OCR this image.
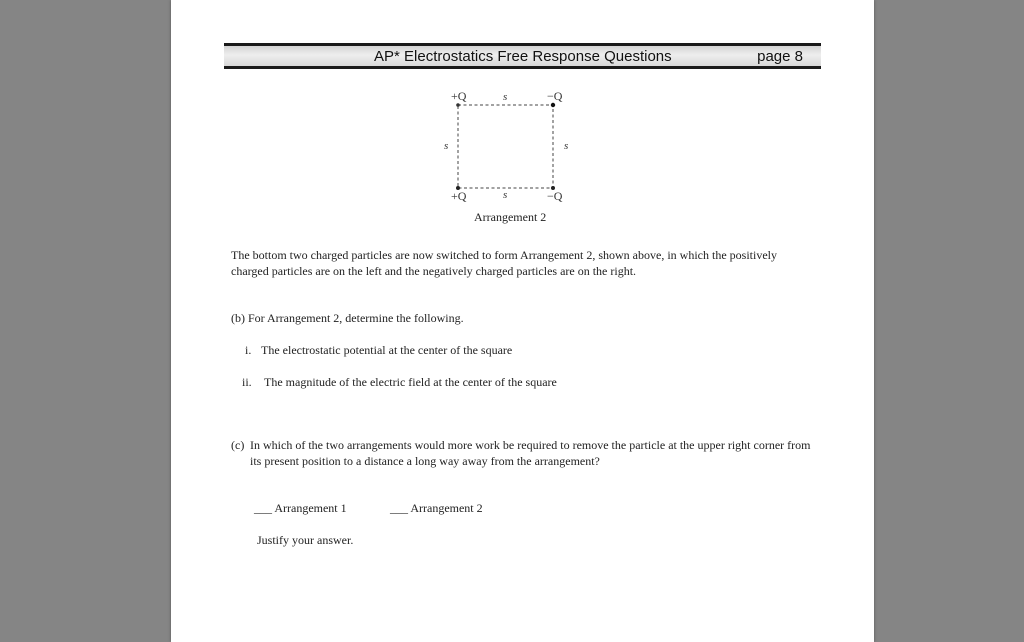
AP* Electrostatics Free Response Questions	page 8
+Q	−Q
+Q	−Q
s
s
s	s
Arrangement 2
The bottom two charged particles are now switched to form Arrangement 2, shown above, in which the positively
charged particles are on the left and the negatively charged particles are on the right.
(b) For Arrangement 2, determine the following.
i. The electrostatic potential at the center of the square
ii. The magnitude of the electric field at the center of the square
(c) In which of the two arrangements would more work be required to remove the particle at the upper right corner from
its present position to a distance a long way away from the arrangement?
___ Arrangement 1	___ Arrangement 2
Justify your answer.
